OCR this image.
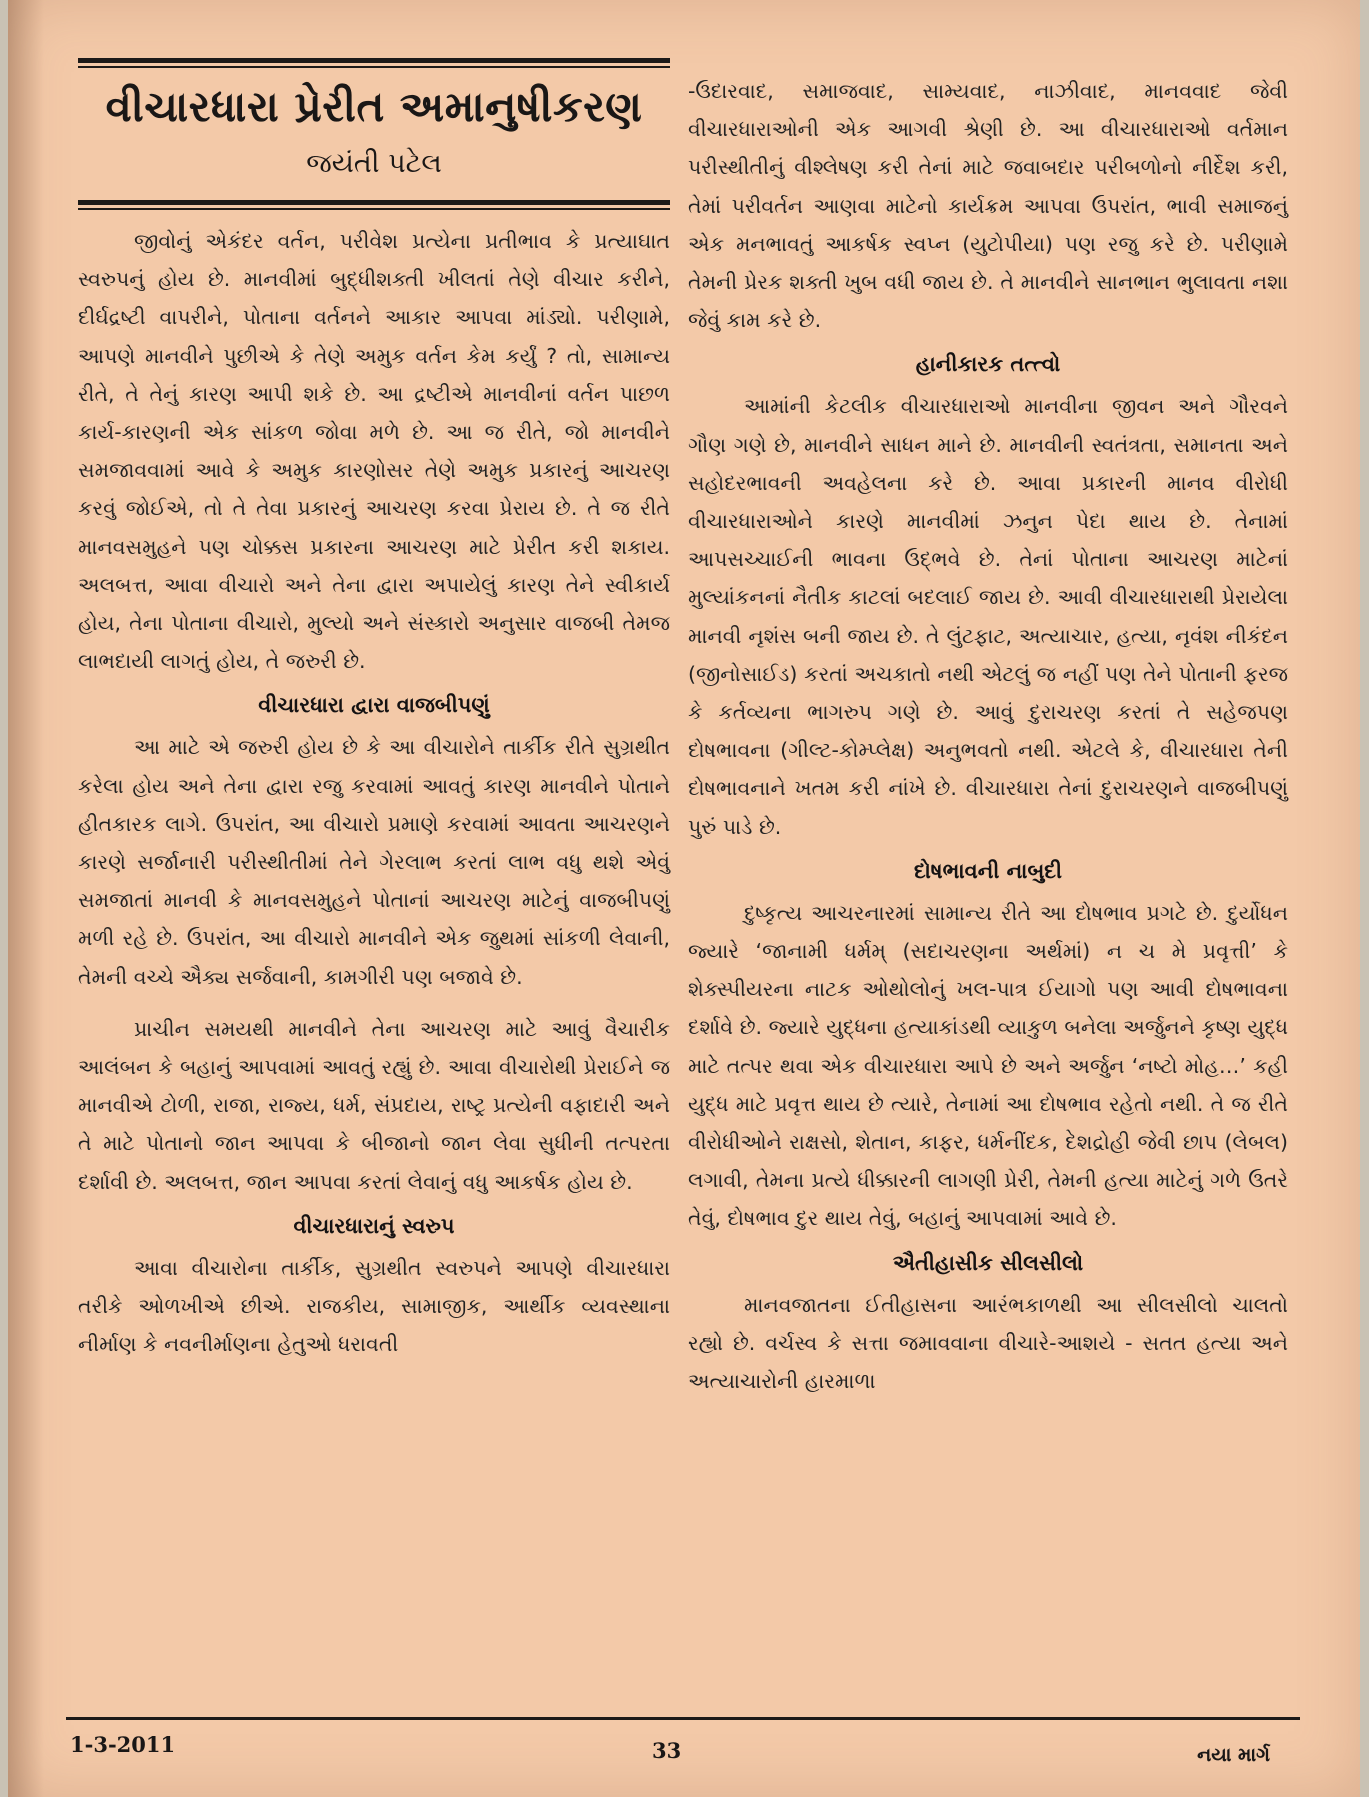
વીચારધારા પ્રેરીત અમાનુષીકરણ
જયંતી પટેલ

જીવોનું એકંદર વર્તન, પરીવેશ પ્રત્યેના પ્રતીભાવ કે પ્રત્યાઘાત સ્વરુપનું હોય છે. માનવીમાં બુદ્ધીશક્તી ખીલતાં તેણે વીચાર કરીને, દીર્ઘદ્રષ્ટી વાપરીને, પોતાના વર્તનને આકાર આપવા માંડ્યો. પરીણામે, આપણે માનવીને પુછીએ કે તેણે અમુક વર્તન કેમ કર્યું ? તો, સામાન્ય રીતે, તે તેનું કારણ આપી શકે છે. આ દ્રષ્ટીએ માનવીનાં વર્તન પાછળ કાર્ય-કારણની એક સાંકળ જોવા મળે છે. આ જ રીતે, જો માનવીને સમજાવવામાં આવે કે અમુક કારણોસર તેણે અમુક પ્રકારનું આચરણ કરવું જોઈએ, તો તે તેવા પ્રકારનું આચરણ કરવા પ્રેરાય છે. તે જ રીતે માનવસમુહને પણ ચોક્કસ પ્રકારના આચરણ માટે પ્રેરીત કરી શકાય. અલબત્ત, આવા વીચારો અને તેના દ્વારા અપાયેલું કારણ તેને સ્વીકાર્ય હોય, તેના પોતાના વીચારો, મુલ્યો અને સંસ્કારો અનુસાર વાજબી તેમજ લાભદાયી લાગતું હોય, તે જરુરી છે.

વીચારધારા દ્વારા વાજબીપણું

આ માટે એ જરુરી હોય છે કે આ વીચારોને તાર્કીક રીતે સુગ્રથીત કરેલા હોય અને તેના દ્વારા રજુ કરવામાં આવતું કારણ માનવીને પોતાને હીતકારક લાગે. ઉપરાંત, આ વીચારો પ્રમાણે કરવામાં આવતા આચરણને કારણે સર્જાનારી પરીસ્થીતીમાં તેને ગેરલાભ કરતાં લાભ વધુ થશે એવું સમજાતાં માનવી કે માનવસમુહને પોતાનાં આચરણ માટેનું વાજબીપણું મળી રહે છે. ઉપરાંત, આ વીચારો માનવીને એક જુથમાં સાંકળી લેવાની, તેમની વચ્ચે ઐક્ય સર્જવાની, કામગીરી પણ બજાવે છે.

પ્રાચીન સમયથી માનવીને તેના આચરણ માટે આવું વૈચારીક આલંબન કે બહાનું આપવામાં આવતું રહ્યું છે. આવા વીચારોથી પ્રેરાઈને જ માનવીએ ટોળી, રાજા, રાજ્ય, ધર્મ, સંપ્રદાય, રાષ્ટ્ર પ્રત્યેની વફાદારી અને તે માટે પોતાનો જાન આપવા કે બીજાનો જાન લેવા સુધીની તત્પરતા દર્શાવી છે. અલબત્ત, જાન આપવા કરતાં લેવાનું વધુ આકર્ષક હોય છે.

વીચારધારાનું સ્વરુપ

આવા વીચારોના તાર્કીક, સુગ્રથીત સ્વરુપને આપણે વીચારધારા તરીકે ઓળખીએ છીએ. રાજકીય, સામાજીક, આર્થીક વ્યવસ્થાના નીર્માણ કે નવનીર્માણના હેતુઓ ધરાવતી

-ઉદારવાદ, સમાજવાદ, સામ્યવાદ, નાઝીવાદ, માનવવાદ જેવી વીચારધારાઓની એક આગવી શ્રેણી છે. આ વીચારધારાઓ વર્તમાન પરીસ્થીતીનું વીશ્લેષણ કરી તેનાં માટે જવાબદાર પરીબળોનો નીર્દેશ કરી, તેમાં પરીવર્તન આણવા માટેનો કાર્યક્રમ આપવા ઉપરાંત, ભાવી સમાજનું એક મનભાવતું આકર્ષક સ્વપ્ન (યુટોપીયા) પણ રજુ કરે છે. પરીણામે તેમની પ્રેરક શક્તી ખુબ વધી જાય છે. તે માનવીને સાનભાન ભુલાવતા નશા જેવું કામ કરે છે.

હાનીકારક તત્ત્વો

આમાંની કેટલીક વીચારધારાઓ માનવીના જીવન અને ગૌરવને ગૌણ ગણે છે, માનવીને સાધન માને છે. માનવીની સ્વતંત્રતા, સમાનતા અને સહોદરભાવની અવહેલના કરે છે. આવા પ્રકારની માનવ વીરોધી વીચારધારાઓને કારણે માનવીમાં ઝનુન પેદા થાય છે. તેનામાં આપસચ્ચાઈની ભાવના ઉદ્ભવે છે. તેનાં પોતાના આચરણ માટેનાં મુલ્યાંકનનાં નૈતીક કાટલાં બદલાઈ જાય છે. આવી વીચારધારાથી પ્રેરાયેલા માનવી નૃશંસ બની જાય છે. તે લુંટફાટ, અત્યાચાર, હત્યા, નૃવંશ નીકંદન (જીનોસાઈડ) કરતાં અચકાતો નથી એટલું જ નહીં પણ તેને પોતાની ફરજ કે કર્તવ્યના ભાગરુપ ગણે છે. આવું દુરાચરણ કરતાં તે સહેજપણ દોષભાવના (ગીલ્ટ-કોમ્પ્લેક્ષ) અનુભવતો નથી. એટલે કે, વીચારધારા તેની દોષભાવનાને ખતમ કરી નાંખે છે. વીચારધારા તેનાં દુરાચરણને વાજબીપણું પુરું પાડે છે.

દોષભાવની નાબુદી

દુષ્કૃત્ય આચરનારમાં સામાન્ય રીતે આ દોષભાવ પ્રગટે છે. દુર્યોધન જ્યારે ‘જાનામી ધર્મમ્ (સદાચરણના અર્થમાં) ન ચ મે પ્રવૃત્તી’ કે શેક્સ્પીયરના નાટક ઓથોલોનું ખલ-પાત્ર ઈયાગો પણ આવી દોષભાવના દર્શાવે છે. જ્યારે યુદ્ધના હત્યાકાંડથી વ્યાકુળ બનેલા અર્જુનને કૃષ્ણ યુદ્ધ માટે તત્પર થવા એક વીચારધારા આપે છે અને અર્જુન ‘નષ્ટો મોહ…’ કહી યુદ્ધ માટે પ્રવૃત્ત થાય છે ત્યારે, તેનામાં આ દોષભાવ રહેતો નથી. તે જ રીતે વીરોધીઓને રાક્ષસો, શેતાન, કાફર, ધર્મનીંદક, દેશદ્રોહી જેવી છાપ (લેબલ) લગાવી, તેમના પ્રત્યે ધીક્કારની લાગણી પ્રેરી, તેમની હત્યા માટેનું ગળે ઉતરે તેવું, દોષભાવ દુર થાય તેવું, બહાનું આપવામાં આવે છે.

ઐતીહાસીક સીલસીલો

માનવજાતના ઈતીહાસના આરંભકાળથી આ સીલસીલો ચાલતો રહ્યો છે. વર્ચસ્વ કે સત્તા જમાવવાના વીચારે-આશયે - સતત હત્યા અને અત્યાચારોની હારમાળા

1-3-2011	33	નયા માર્ગ
